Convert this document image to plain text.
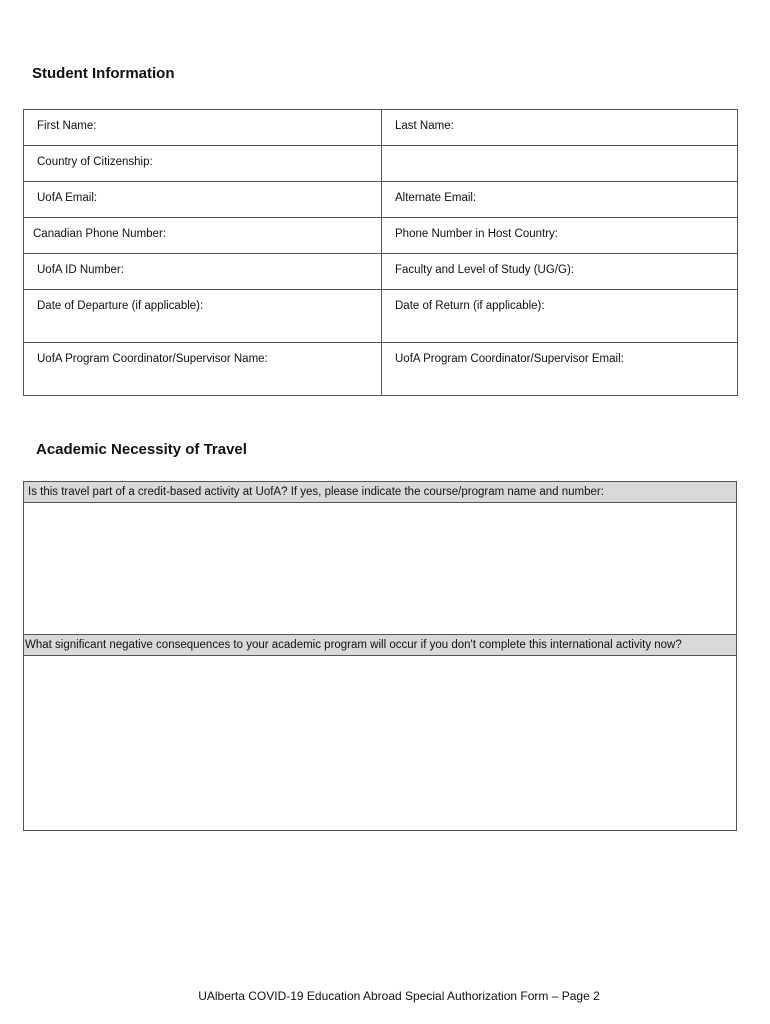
Student Information
First Name:	Last Name:
Country of Citizenship:	
UofA Email:	Alternate Email:
Canadian Phone Number:	Phone Number in Host Country:
UofA ID Number:	Faculty and Level of Study (UG/G):
Date of Departure (if applicable):	Date of Return (if applicable):
UofA Program Coordinator/Supervisor Name:	UofA Program Coordinator/Supervisor Email:
Academic Necessity of Travel
Is this travel part of a credit-based activity at UofA? If yes, please indicate the course/program name and number:
What significant negative consequences to your academic program will occur if you don't complete this international activity now?
UAlberta COVID-19 Education Abroad Special Authorization Form – Page 2
